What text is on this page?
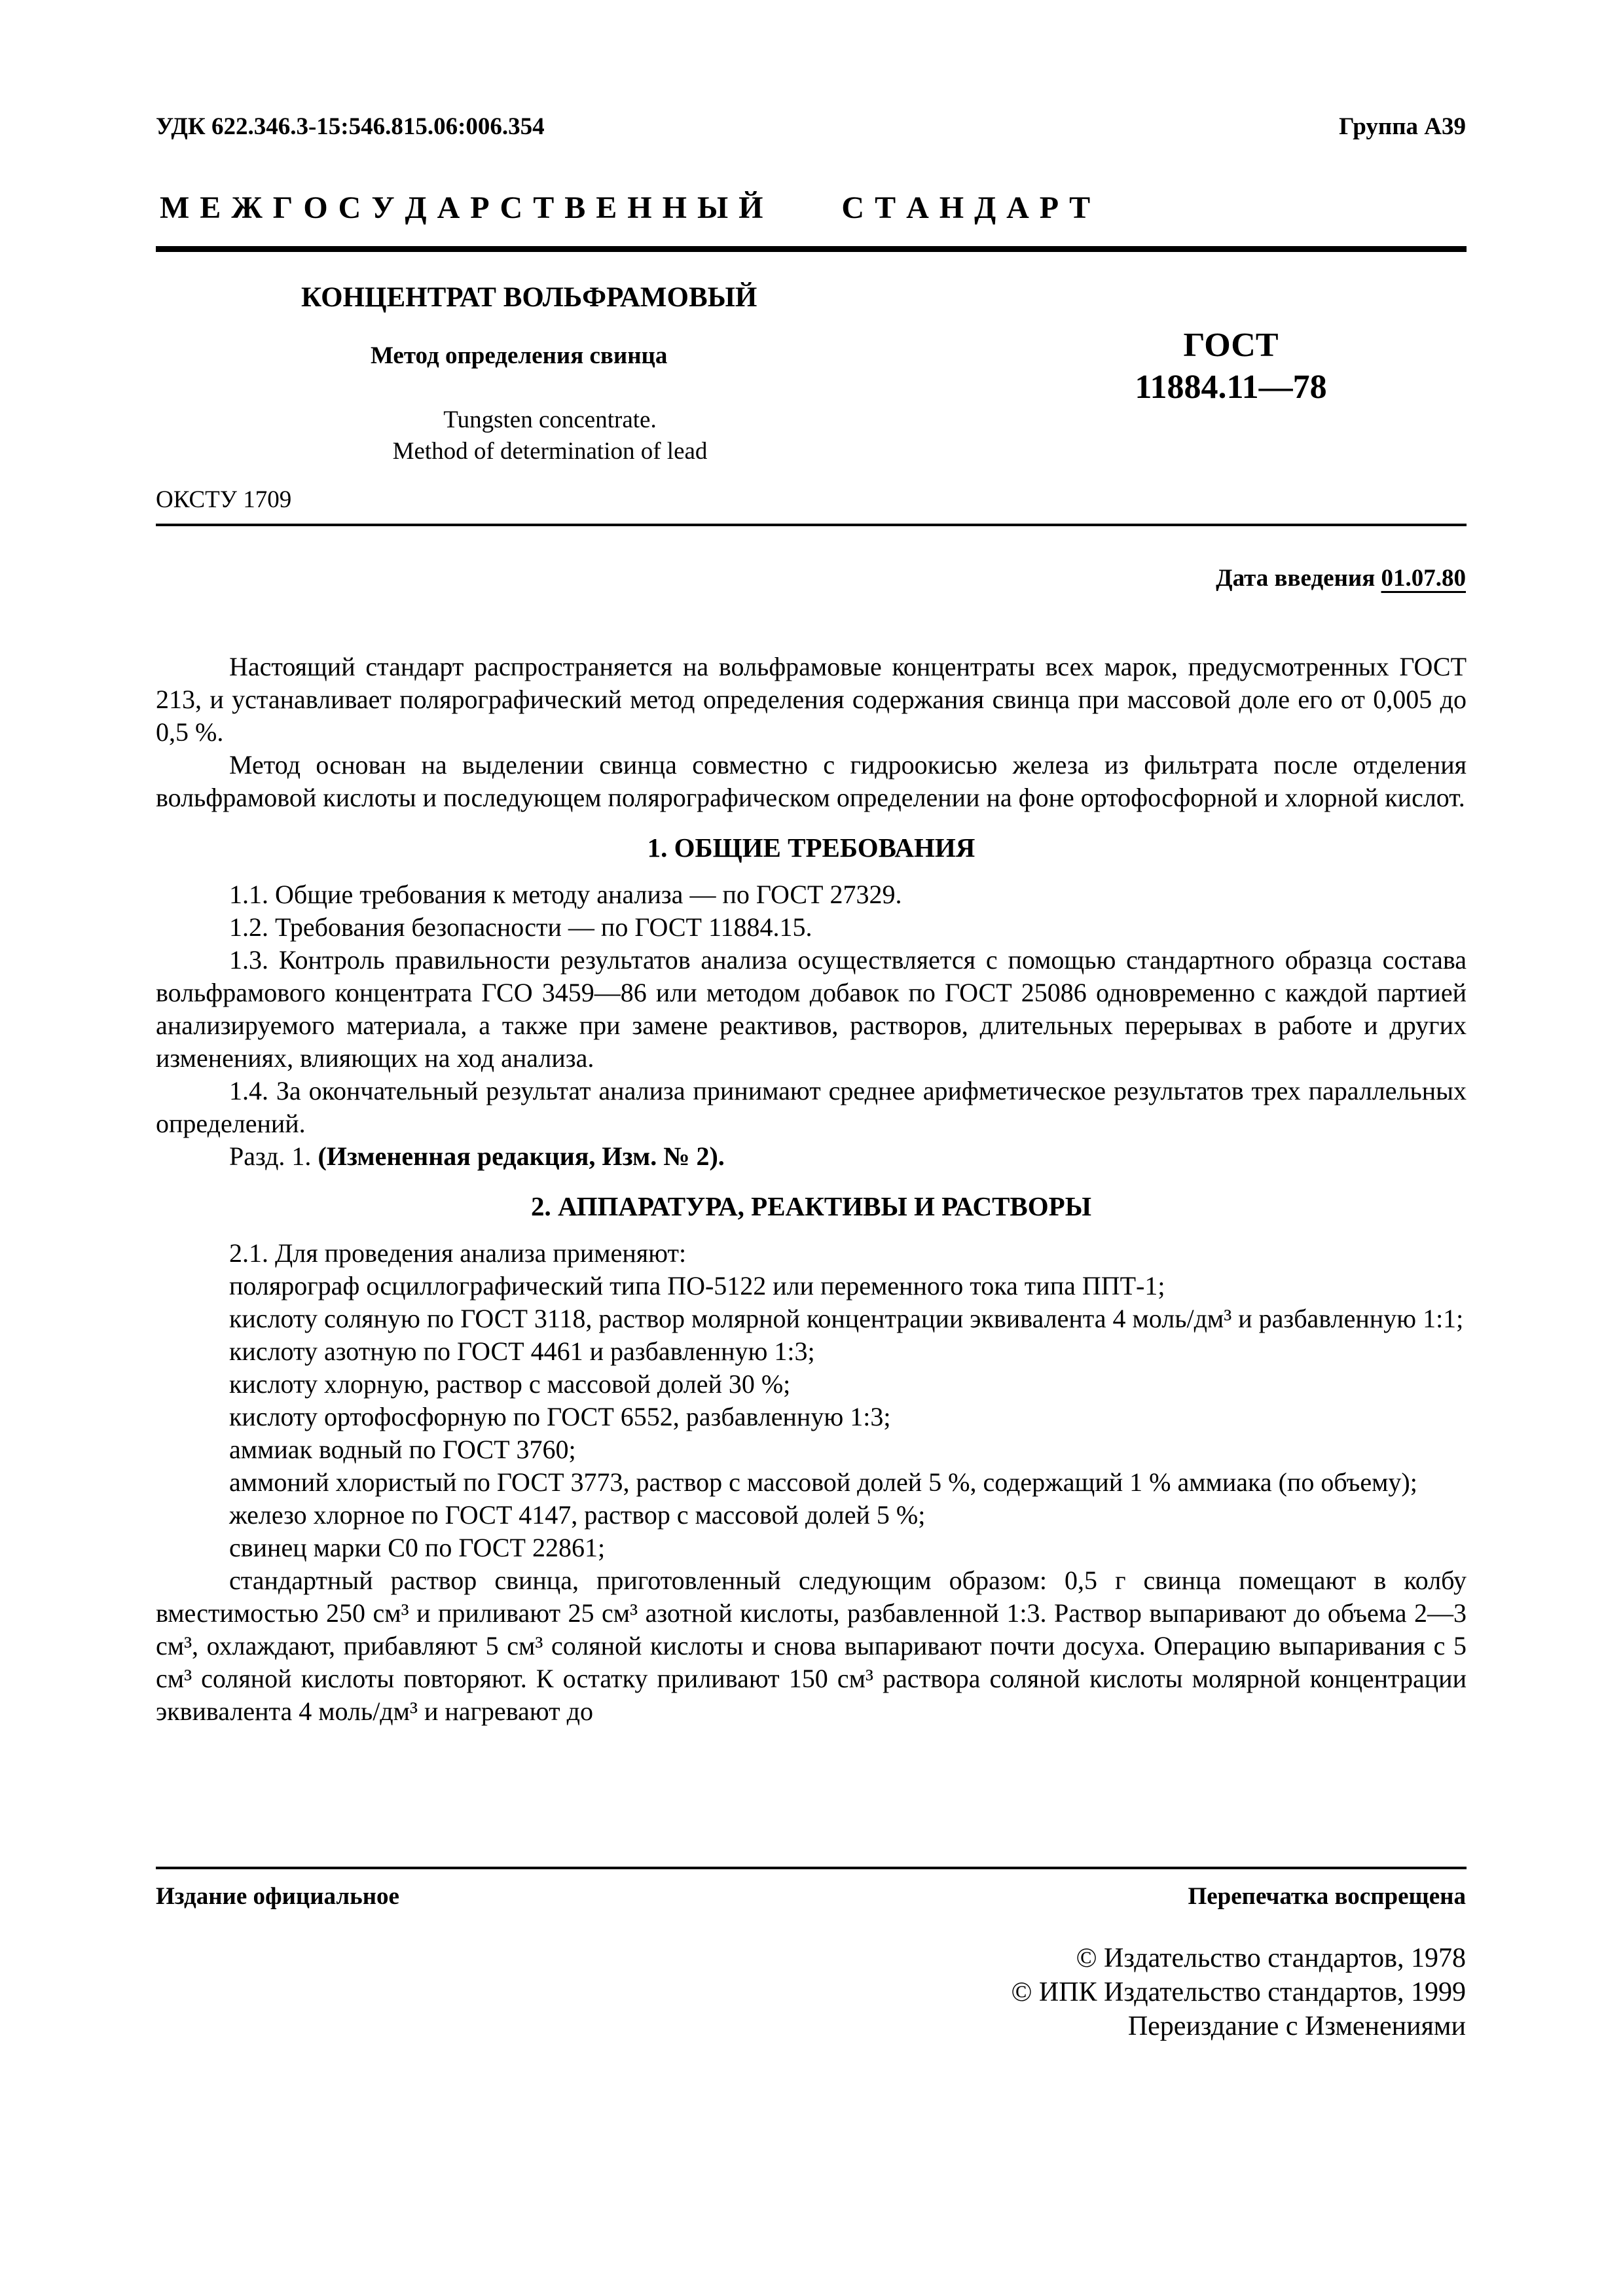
УДК 622.346.3-15:546.815.06:006.354	Группа А39
М Е Ж Г О С У Д А Р С Т В Е Н Н Ы Й С Т А Н Д А Р Т
КОНЦЕНТРАТ ВОЛЬФРАМОВЫЙ
Метод определения свинца
Tungsten concentrate.
Method of determination of lead
ГОСТ
11884.11—78
ОКСТУ 1709
Дата введения 01.07.80

Настоящий стандарт распространяется на вольфрамовые концентраты всех марок, предусмотренных ГОСТ 213, и устанавливает полярографический метод определения содержания свинца при массовой доле его от 0,005 до 0,5 %.

Метод основан на выделении свинца совместно с гидроокисью железа из фильтрата после отделения вольфрамовой кислоты и последующем полярографическом определении на фоне ортофосфорной и хлорной кислот.

1. ОБЩИЕ ТРЕБОВАНИЯ

1.1. Общие требования к методу анализа — по ГОСТ 27329.

1.2. Требования безопасности — по ГОСТ 11884.15.

1.3. Контроль правильности результатов анализа осуществляется с помощью стандартного образца состава вольфрамового концентрата ГСО 3459—86 или методом добавок по ГОСТ 25086 одновременно с каждой партией анализируемого материала, а также при замене реактивов, растворов, длительных перерывах в работе и других изменениях, влияющих на ход анализа.

1.4. За окончательный результат анализа принимают среднее арифметическое результатов трех параллельных определений.

Разд. 1. (Измененная редакция, Изм. № 2).

2. АППАРАТУРА, РЕАКТИВЫ И РАСТВОРЫ

2.1. Для проведения анализа применяют:

полярограф осциллографический типа ПО-5122 или переменного тока типа ППТ-1;

кислоту соляную по ГОСТ 3118, раствор молярной концентрации эквивалента 4 моль/дм³ и разбавленную 1:1;

кислоту азотную по ГОСТ 4461 и разбавленную 1:3;

кислоту хлорную, раствор с массовой долей 30 %;

кислоту ортофосфорную по ГОСТ 6552, разбавленную 1:3;

аммиак водный по ГОСТ 3760;

аммоний хлористый по ГОСТ 3773, раствор с массовой долей 5 %, содержащий 1 % аммиака (по объему);

железо хлорное по ГОСТ 4147, раствор с массовой долей 5 %;

свинец марки С0 по ГОСТ 22861;

стандартный раствор свинца, приготовленный следующим образом: 0,5 г свинца помещают в колбу вместимостью 250 см³ и приливают 25 см³ азотной кислоты, разбавленной 1:3. Раствор выпаривают до объема 2—3 см³, охлаждают, прибавляют 5 см³ соляной кислоты и снова выпаривают почти досуха. Операцию выпаривания с 5 см³ соляной кислоты повторяют. К остатку приливают 150 см³ раствора соляной кислоты молярной концентрации эквивалента 4 моль/дм³ и нагревают до

Издание официальное	Перепечатка воспрещена
© Издательство стандартов, 1978
© ИПК Издательство стандартов, 1999
Переиздание с Изменениями
